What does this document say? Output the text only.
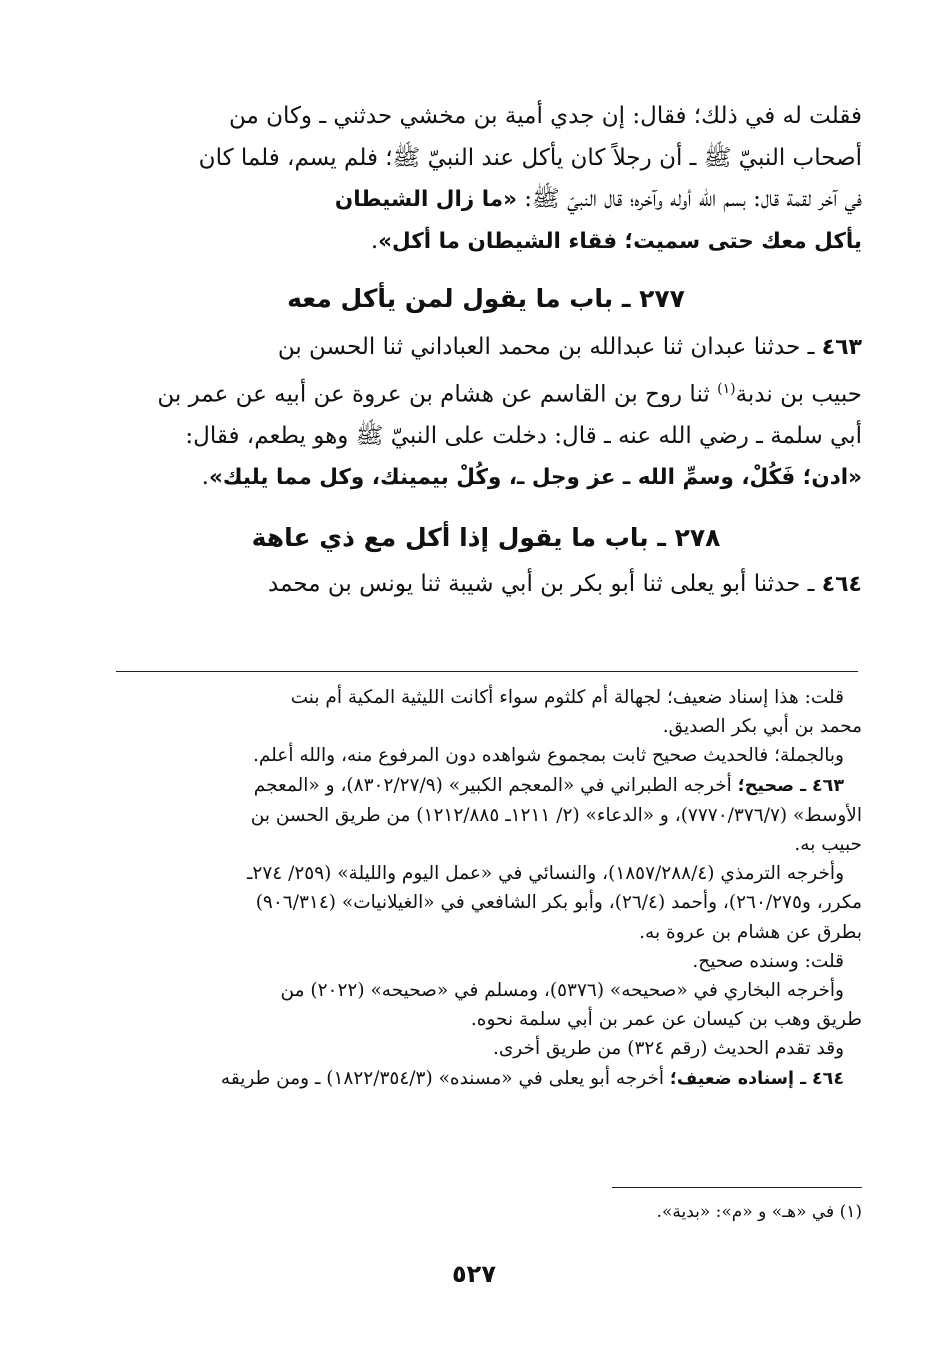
فقلت له في ذلك؛ فقال: إن جدي أمية بن مخشي حدثني ـ وكان من

أصحاب النبيّ ﷺ ـ أن رجلاً كان يأكل عند النبيّ ﷺ؛ فلم يسم، فلما كان

في آخر لقمة قال: بسم الله أوله وآخره؛ قال النبيّ ﷺ: «ما زال الشيطان

يأكل معك حتى سميت؛ فقاء الشيطان ما أكل».

٢٧٧ ـ باب ما يقول لمن يأكل معه

٤٦٣ ـ حدثنا عبدان ثنا عبدالله بن محمد العباداني ثنا الحسن بن

حبيب بن ندبة$^{(١)}$ ثنا روح بن القاسم عن هشام بن عروة عن أبيه عن عمر بن

أبي سلمة ـ رضي الله عنه ـ قال: دخلت على النبيّ ﷺ وهو يطعم، فقال:

«ادن؛ فَكُلْ، وسمِّ الله ـ عز وجل ـ، وكُلْ بيمينك، وكل مما يليك».

٢٧٨ ـ باب ما يقول إذا أكل مع ذي عاهة

٤٦٤ ـ حدثنا أبو يعلى ثنا أبو بكر بن أبي شيبة ثنا يونس بن محمد

قلت: هذا إسناد ضعيف؛ لجهالة أم كلثوم سواء أكانت الليثية المكية أم بنت

محمد بن أبي بكر الصديق.

وبالجملة؛ فالحديث صحيح ثابت بمجموع شواهده دون المرفوع منه، والله أعلم.

٤٦٣ ـ صحيح؛ أخرجه الطبراني في «المعجم الكبير» (٨٣٠٢/٢٧/٩)، و «المعجم

الأوسط» (٧٧٧٠/٣٧٦/٧)، و «الدعاء» (٢/ ١٢١١ـ ١٢١٢/٨٨٥) من طريق الحسن بن

حبيب به.

وأخرجه الترمذي (١٨٥٧/٢٨٨/٤)، والنسائي في «عمل اليوم والليلة» (٢٥٩/ ٢٧٤ـ

مكرر، و٢٦٠/٢٧٥)، وأحمد (٢٦/٤)، وأبو بكر الشافعي في «الغيلانيات» (٩٠٦/٣١٤)

بطرق عن هشام بن عروة به.

قلت: وسنده صحيح.

وأخرجه البخاري في «صحيحه» (٥٣٧٦)، ومسلم في «صحيحه» (٢٠٢٢) من

طريق وهب بن كيسان عن عمر بن أبي سلمة نحوه.

وقد تقدم الحديث (رقم ٣٢٤) من طريق أخرى.

٤٦٤ ـ إسناده ضعيف؛ أخرجه أبو يعلى في «مسنده» (١٨٢٢/٣٥٤/٣) ـ ومن طريقه

(١) في «هـ» و «م»: «بدية».
٥٢٧
